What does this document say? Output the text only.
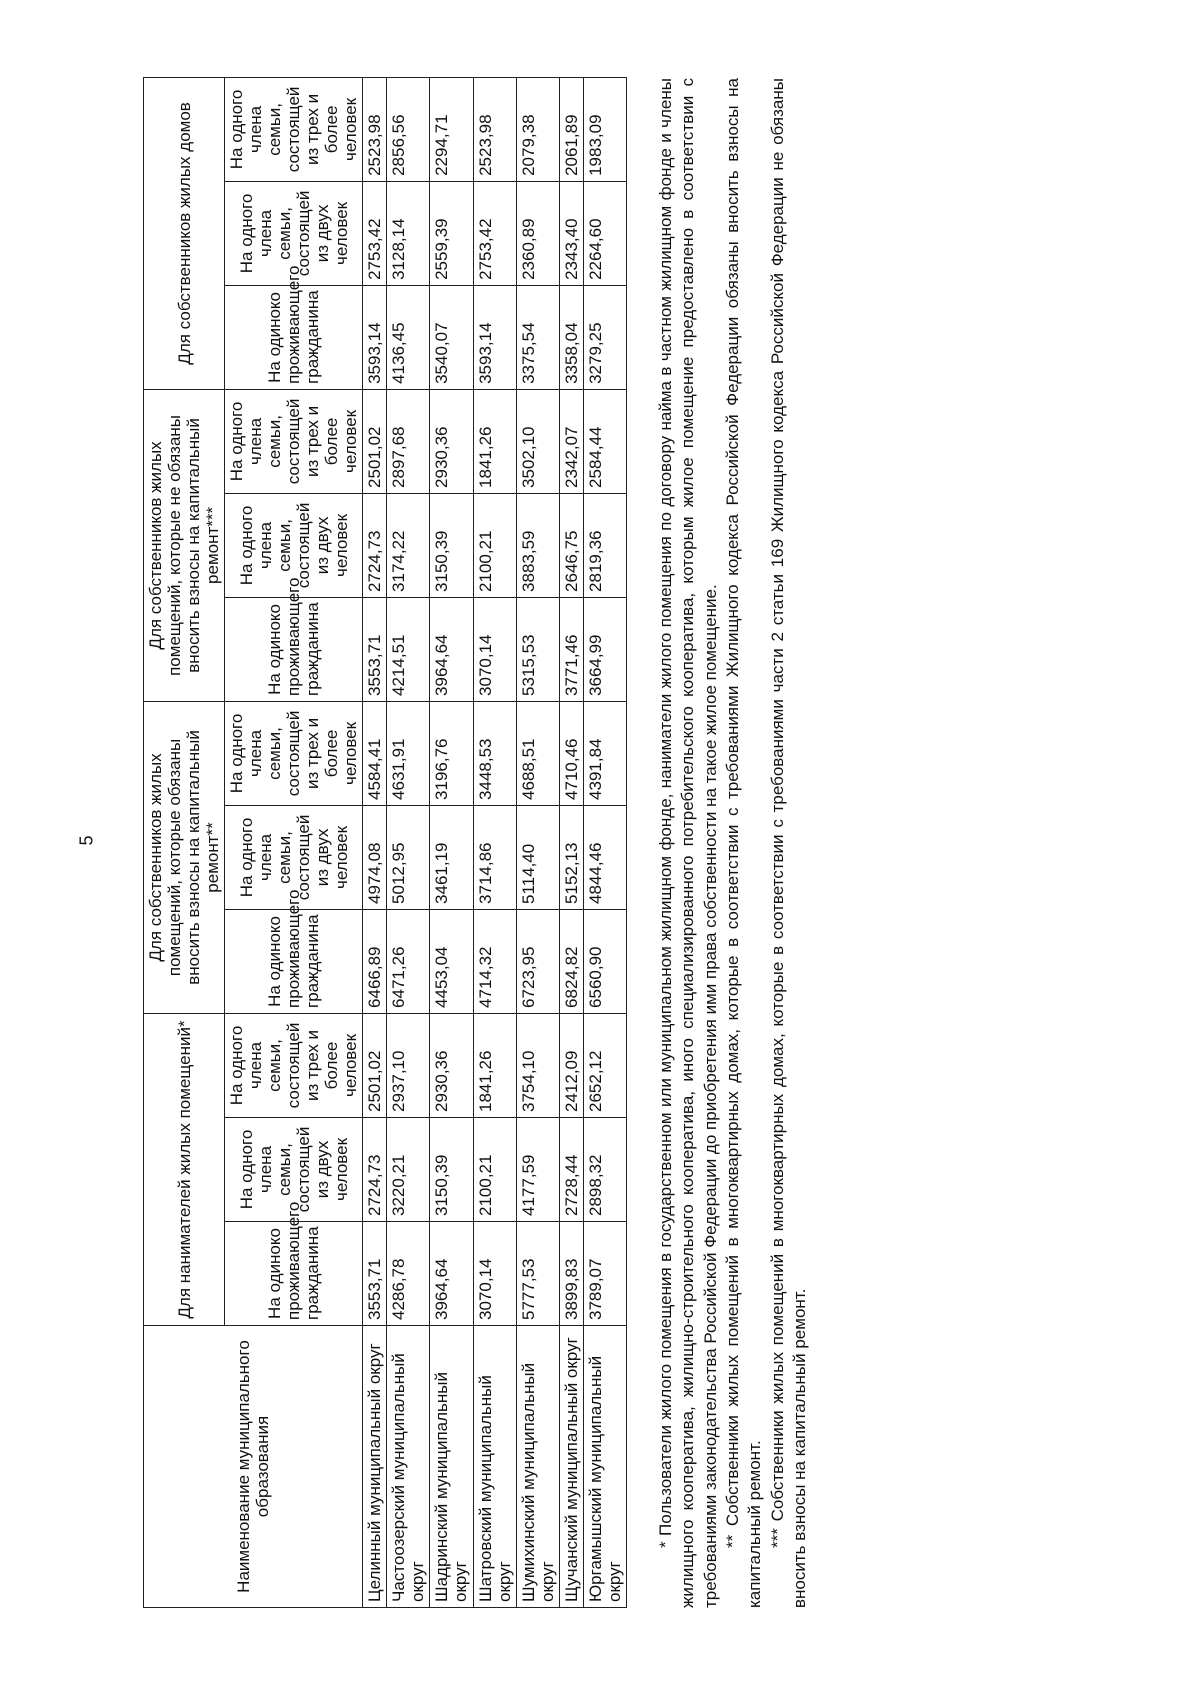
5
Наименование муниципального образования	Для нанимателей жилых помещений*			Для собственников жилых помещений, которые обязаны вносить взносы на капитальный ремонт**			Для собственников жилых помещений, которые не обязаны вносить взносы на капитальный ремонт***			Для собственников жилых домов		
	На одиноко проживающего гражданина	На одного члена семьи, состоящей из двух человек	На одного члена семьи, состоящей из трех и более человек	На одиноко проживающего гражданина	На одного члена семьи, состоящей из двух человек	На одного члена семьи, состоящей из трех и более человек	На одиноко проживающего гражданина	На одного члена семьи, состоящей из двух человек	На одного члена семьи, состоящей из трех и более человек	На одиноко проживающего гражданина	На одного члена семьи, состоящей из двух человек	На одного члена семьи, состоящей из трех и более человек
Целинный муниципальный округ	3553,71	2724,73	2501,02	6466,89	4974,08	4584,41	3553,71	2724,73	2501,02	3593,14	2753,42	2523,98
Частоозерский муниципальный округ	4286,78	3220,21	2937,10	6471,26	5012,95	4631,91	4214,51	3174,22	2897,68	4136,45	3128,14	2856,56
Шадринский муниципальный округ	3964,64	3150,39	2930,36	4453,04	3461,19	3196,76	3964,64	3150,39	2930,36	3540,07	2559,39	2294,71
Шатровский муниципальный округ	3070,14	2100,21	1841,26	4714,32	3714,86	3448,53	3070,14	2100,21	1841,26	3593,14	2753,42	2523,98
Шумихинский муниципальный округ	5777,53	4177,59	3754,10	6723,95	5114,40	4688,51	5315,53	3883,59	3502,10	3375,54	2360,89	2079,38
Щучанский муниципальный округ	3899,83	2728,44	2412,09	6824,82	5152,13	4710,46	3771,46	2646,75	2342,07	3358,04	2343,40	2061,89
Юргамышский муниципальный округ	3789,07	2898,32	2652,12	6560,90	4844,46	4391,84	3664,99	2819,36	2584,44	3279,25	2264,60	1983,09	* Пользователи жилого помещения в государственном или муниципальном жилищном фонде, наниматели жилого помещения по договору найма в частном жилищном фонде и члены жилищного кооператива, жилищно-строительного кооператива, иного специализированного потребительского кооператива, которым жилое помещение предоставлено в соответствии с требованиями законодательства Российской Федерации до приобретения ими права собственности на такое жилое помещение. ** Собственники жилых помещений в многоквартирных домах, которые в соответствии с требованиями Жилищного кодекса Российской Федерации обязаны вносить взносы на капитальный ремонт. *** Собственники жилых помещений в многоквартирных домах, которые в соответствии с требованиями части 2 статьи 169 Жилищного кодекса Российской Федерации не обязаны вносить взносы на капитальный ремонт.
